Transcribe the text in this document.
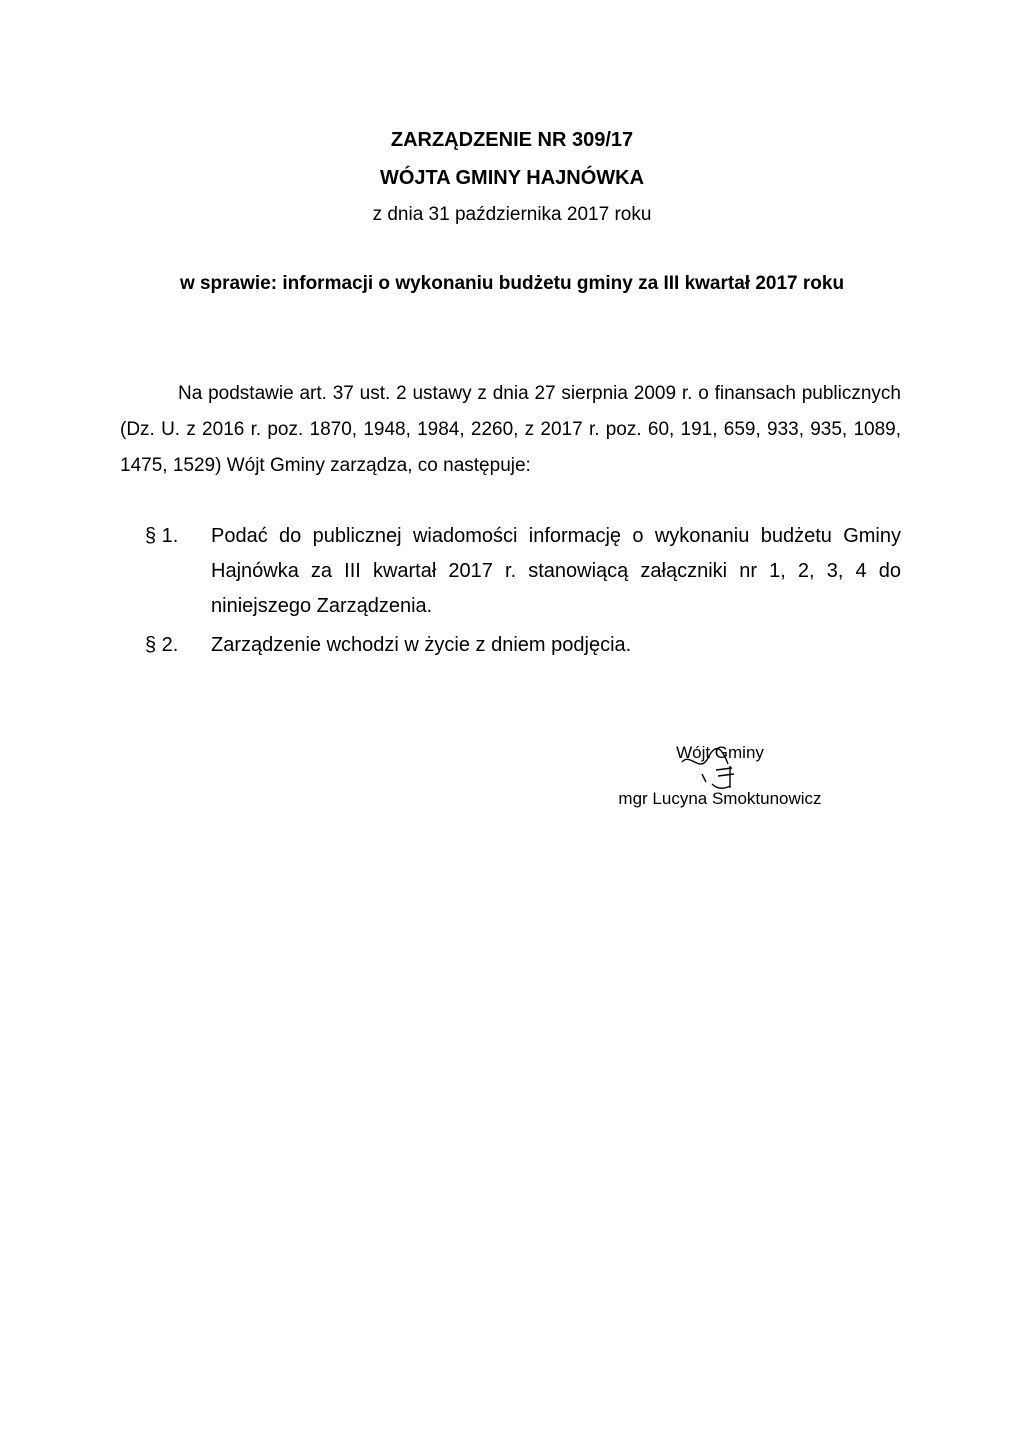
ZARZĄDZENIE NR 309/17
WÓJTA GMINY HAJNÓWKA
z dnia 31 października 2017 roku
w sprawie: informacji o wykonaniu budżetu gminy za III kwartał 2017 roku
Na podstawie art. 37 ust. 2 ustawy z dnia 27 sierpnia 2009 r. o finansach publicznych (Dz. U. z 2016 r. poz. 1870, 1948, 1984, 2260, z 2017 r. poz. 60, 191, 659, 933, 935, 1089, 1475, 1529) Wójt Gminy zarządza, co następuje:
§ 1.	Podać do publicznej wiadomości informację o wykonaniu budżetu Gminy Hajnówka za III kwartał 2017 r. stanowiącą załączniki nr 1, 2, 3, 4 do niniejszego Zarządzenia.
§ 2.	Zarządzenie wchodzi w życie z dniem podjęcia.
Wójt Gminy
mgr Lucyna Smoktunowicz
